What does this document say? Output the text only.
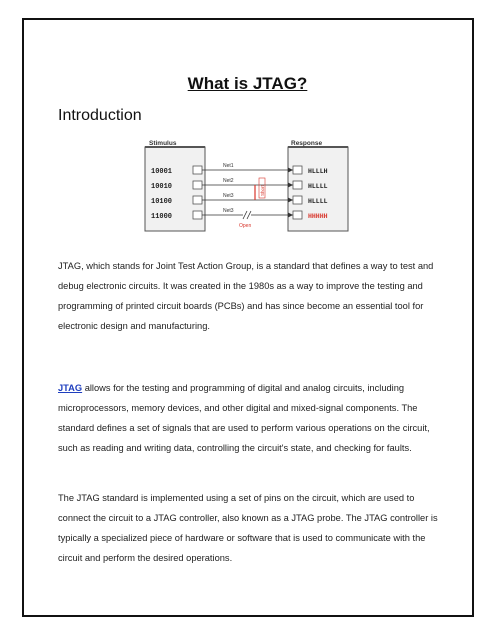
What is JTAG?
Introduction
Stimulus	Response
10001
Net1
HLLLH
10010
Net2
HLLLL
10100
Net3
HLLLL
Short
11000
Net3
Open
HHHHH

JTAG, which stands for Joint Test Action Group, is a standard that defines a way to test and debug electronic circuits. It was created in the 1980s as a way to improve the testing and programming of printed circuit boards (PCBs) and has since become an essential tool for electronic design and manufacturing.

JTAG allows for the testing and programming of digital and analog circuits, including microprocessors, memory devices, and other digital and mixed-signal components. The standard defines a set of signals that are used to perform various operations on the circuit, such as reading and writing data, controlling the circuit's state, and checking for faults.

The JTAG standard is implemented using a set of pins on the circuit, which are used to connect the circuit to a JTAG controller, also known as a JTAG probe. The JTAG controller is typically a specialized piece of hardware or software that is used to communicate with the circuit and perform the desired operations.
